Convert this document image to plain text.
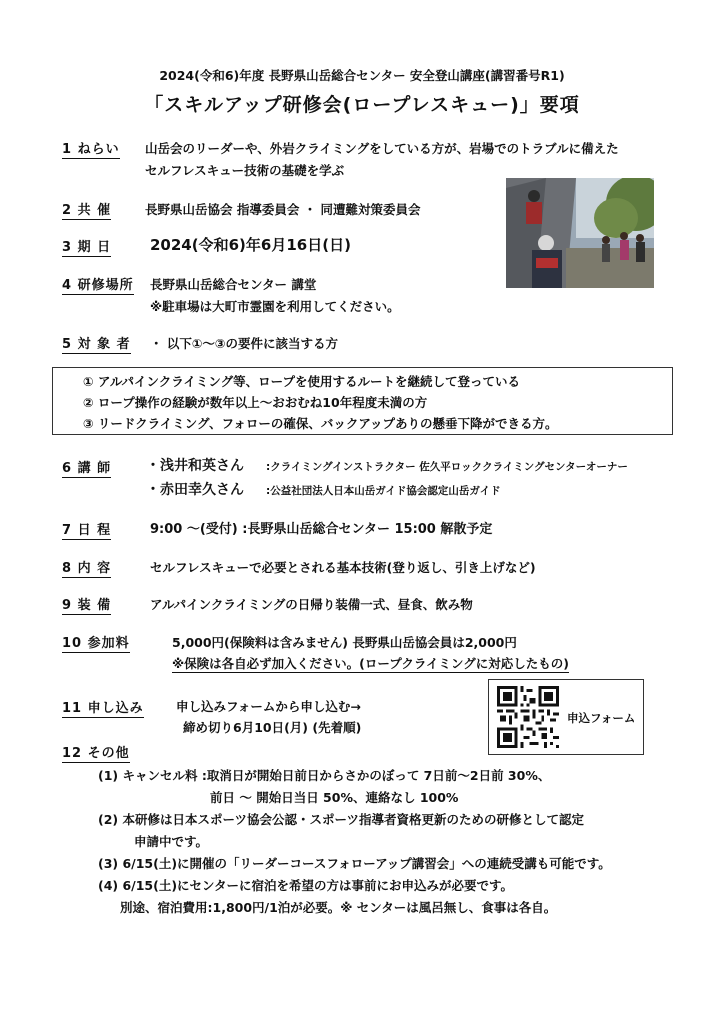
2024(令和6)年度 長野県山岳総合センター 安全登山講座(講習番号R1)
「スキルアップ研修会(ロープレスキュー)」要項
1 ねらい 山岳会のリーダーや、外岩クライミングをしている方が、岩場でのトラブルに備えた
セルフレスキュー技術の基礎を学ぶ
2 共 催	長野県山岳協会 指導委員会 ・ 同遭難対策委員会
3 期 日	2024(令和6)年6月16日(日)
4 研修場所 長野県山岳総合センター 講堂
※駐車場は大町市霊園を利用してください。
5 対 象 者 ・ 以下①～③の要件に該当する方
① アルパインクライミング等、ロープを使用するルートを継続して登っている
② ロープ操作の経験が数年以上～おおむね10年程度未満の方
③ リードクライミング、フォローの確保、バックアップありの懸垂下降ができる方。
6 講 師 ・浅井和英さん :クライミングインストラクター 佐久平ロッククライミングセンターオーナー
・赤田幸久さん :公益社団法人日本山岳ガイド協会認定山岳ガイド
7 日 程	9:00 ～(受付) :長野県山岳総合センター 15:00 解散予定
8 内 容	セルフレスキューで必要とされる基本技術(登り返し、引き上げなど)
9 装 備	アルパインクライミングの日帰り装備一式、昼食、飲み物
10 参加料	5,000円(保険料は含みません) 長野県山岳協会員は2,000円
※保険は各自必ず加入ください。(ロープクライミングに対応したもの)
11 申し込み	申し込みフォームから申し込む→
締め切り6月10日(月) (先着順)
申込フォーム
12 その他
(1) キャンセル料 :取消日が開始日前日からさかのぼって 7日前～2日前 30%、
前日 ～ 開始日当日 50%、連絡なし 100%
(2) 本研修は日本スポーツ協会公認・スポーツ指導者資格更新のための研修として認定
申請中です。
(3) 6/15(土)に開催の「リーダーコースフォローアップ講習会」への連続受講も可能です。
(4) 6/15(土)にセンターに宿泊を希望の方は事前にお申込みが必要です。
別途、宿泊費用:1,800円/1泊が必要。※ センターは風呂無し、食事は各自。
